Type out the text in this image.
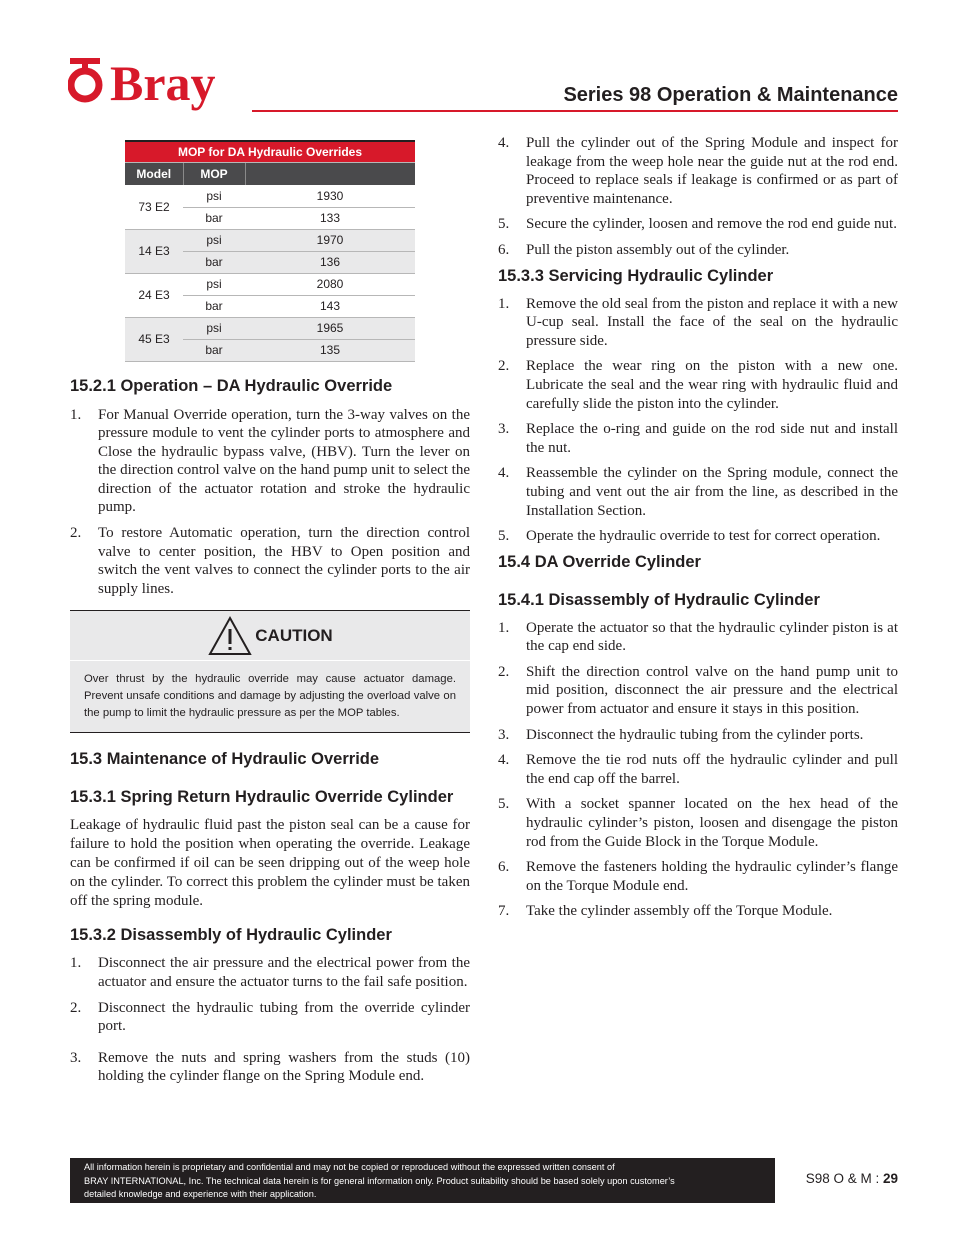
Bray	Series 98 Operation & Maintenance
MOP for DA Hydraulic Overrides		
Model	MOP	
73 E2	psi	1930
	bar	133
14 E3	psi	1970
	bar	136
24 E3	psi	2080
	bar	143
45 E3	psi	1965
	bar	135
15.2.1 Operation – DA Hydraulic Override
1.	For Manual Override operation, turn the 3-way valves on the pressure module to vent the cylinder ports to atmosphere and Close the hydraulic bypass valve, (HBV). Turn the lever on the direction control valve on the hand pump unit to select the direction of the actuator rotation and stroke the hydraulic pump.
2.	To restore Automatic operation, turn the direction control valve to center position, the HBV to Open position and switch the vent valves to connect the cylinder ports to the air supply lines.
CAUTION
Over thrust by the hydraulic override may cause actuator damage. Prevent unsafe conditions and damage by adjusting the overload valve on the pump to limit the hydraulic pressure as per the MOP tables.
15.3 Maintenance of Hydraulic Override
15.3.1 Spring Return Hydraulic Override Cylinder

Leakage of hydraulic fluid past the piston seal can be a cause for failure to hold the position when operating the override. Leakage can be confirmed if oil can be seen dripping out of the weep hole on the cylinder. To correct this problem the cylinder must be taken off the spring module.

15.3.2 Disassembly of Hydraulic Cylinder
1.	Disconnect the air pressure and the electrical power from the actuator and ensure the actuator turns to the fail safe position.
2.	Disconnect the hydraulic tubing from the override cylinder port.
3.	Remove the nuts and spring washers from the studs (10) holding the cylinder flange on the Spring Module end.
4.	Pull the cylinder out of the Spring Module and inspect for leakage from the weep hole near the guide nut at the rod end. Proceed to replace seals if leakage is confirmed or as part of preventive maintenance.
5.	Secure the cylinder, loosen and remove the rod end guide nut.
6.	Pull the piston assembly out of the cylinder.
15.3.3 Servicing Hydraulic Cylinder
1.	Remove the old seal from the piston and replace it with a new U-cup seal. Install the face of the seal on the hydraulic pressure side.
2.	Replace the wear ring on the piston with a new one. Lubricate the seal and the wear ring with hydraulic fluid and carefully slide the piston into the cylinder.
3.	Replace the o-ring and guide on the rod side nut and install the nut.
4.	Reassemble the cylinder on the Spring module, connect the tubing and vent out the air from the line, as described in the Installation Section.
5.	Operate the hydraulic override to test for correct operation.
15.4 DA Override Cylinder
15.4.1 Disassembly of Hydraulic Cylinder
1.	Operate the actuator so that the hydraulic cylinder piston is at the cap end side.
2.	Shift the direction control valve on the hand pump unit to mid position, disconnect the air pressure and the electrical power from actuator and ensure it stays in this position.
3.	Disconnect the hydraulic tubing from the cylinder ports.
4.	Remove the tie rod nuts off the hydraulic cylinder and pull the end cap off the barrel.
5.	With a socket spanner located on the hex head of the hydraulic cylinder’s piston, loosen and disengage the piston rod from the Guide Block in the Torque Module.
6.	Remove the fasteners holding the hydraulic cylinder’s flange on the Torque Module end.
7.	Take the cylinder assembly off the Torque Module.
All information herein is proprietary and confidential and may not be copied or reproduced without the expressed written consent of
BRAY INTERNATIONAL, Inc. The technical data herein is for general information only. Product suitability should be based solely upon customer’s
detailed knowledge and experience with their application.
S98 O & M : 29
